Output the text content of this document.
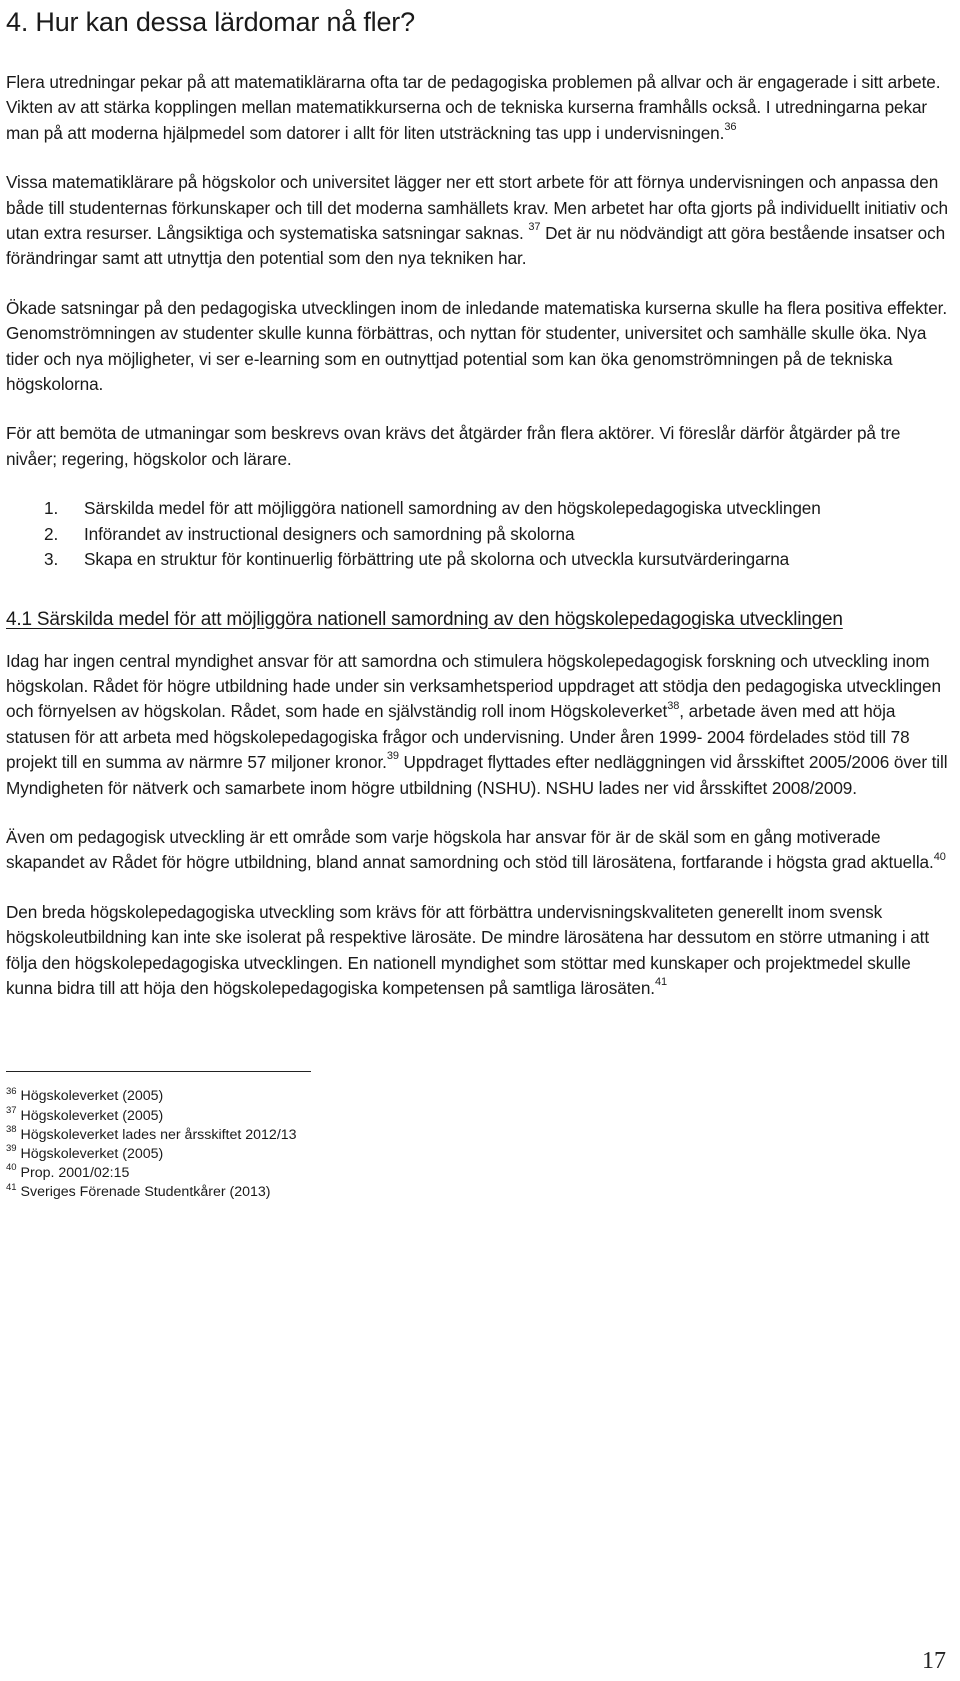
4. Hur kan dessa lärdomar nå fler?

Flera utredningar pekar på att matematiklärarna ofta tar de pedagogiska problemen på allvar och är engagerade i sitt arbete. Vikten av att stärka kopplingen mellan matematikkurserna och de tekniska kurserna framhålls också. I utredningarna pekar man på att moderna hjälpmedel som datorer i allt för liten utsträckning tas upp i undervisningen.$^{36}$

Vissa matematiklärare på högskolor och universitet lägger ner ett stort arbete för att förnya undervisningen och anpassa den både till studenternas förkunskaper och till det moderna samhällets krav. Men arbetet har ofta gjorts på individuellt initiativ och utan extra resurser. Långsiktiga och systematiska satsningar saknas. $^{37}$ Det är nu nödvändigt att göra bestående insatser och förändringar samt att utnyttja den potential som den nya tekniken har.

Ökade satsningar på den pedagogiska utvecklingen inom de inledande matematiska kurserna skulle ha flera positiva effekter. Genomströmningen av studenter skulle kunna förbättras, och nyttan för studenter, universitet och samhälle skulle öka. Nya tider och nya möjligheter, vi ser e-learning som en outnyttjad potential som kan öka genomströmningen på de tekniska högskolorna.

För att bemöta de utmaningar som beskrevs ovan krävs det åtgärder från flera aktörer. Vi föreslår därför åtgärder på tre nivåer; regering, högskolor och lärare.

1. Särskilda medel för att möjliggöra nationell samordning av den högskolepedagogiska utvecklingen
2. Införandet av instructional designers och samordning på skolorna
3. Skapa en struktur för kontinuerlig förbättring ute på skolorna och utveckla kursutvärderingarna
4.1 Särskilda medel för att möjliggöra nationell samordning av den högskolepedagogiska utvecklingen

Idag har ingen central myndighet ansvar för att samordna och stimulera högskolepedagogisk forskning och utveckling inom högskolan. Rådet för högre utbildning hade under sin verksamhetsperiod uppdraget att stödja den pedagogiska utvecklingen och förnyelsen av högskolan. Rådet, som hade en självständig roll inom Högskoleverket$^{38}$, arbetade även med att höja statusen för att arbeta med högskolepedagogiska frågor och undervisning. Under åren 1999- 2004 fördelades stöd till 78 projekt till en summa av närmre 57 miljoner kronor.$^{39}$ Uppdraget flyttades efter nedläggningen vid årsskiftet 2005/2006 över till Myndigheten för nätverk och samarbete inom högre utbildning (NSHU). NSHU lades ner vid årsskiftet 2008/2009.

Även om pedagogisk utveckling är ett område som varje högskola har ansvar för är de skäl som en gång motiverade skapandet av Rådet för högre utbildning, bland annat samordning och stöd till lärosätena, fortfarande i högsta grad aktuella.$^{40}$

Den breda högskolepedagogiska utveckling som krävs för att förbättra undervisningskvaliteten generellt inom svensk högskoleutbildning kan inte ske isolerat på respektive lärosäte. De mindre lärosätena har dessutom en större utmaning i att följa den högskolepedagogiska utvecklingen. En nationell myndighet som stöttar med kunskaper och projektmedel skulle kunna bidra till att höja den högskolepedagogiska kompetensen på samtliga lärosäten.$^{41}$

$^{36}$ Högskoleverket (2005)
$^{37}$ Högskoleverket (2005)
$^{38}$ Högskoleverket lades ner årsskiftet 2012/13
$^{39}$ Högskoleverket (2005)
$^{40}$ Prop. 2001/02:15
$^{41}$ Sveriges Förenade Studentkårer (2013)
17
